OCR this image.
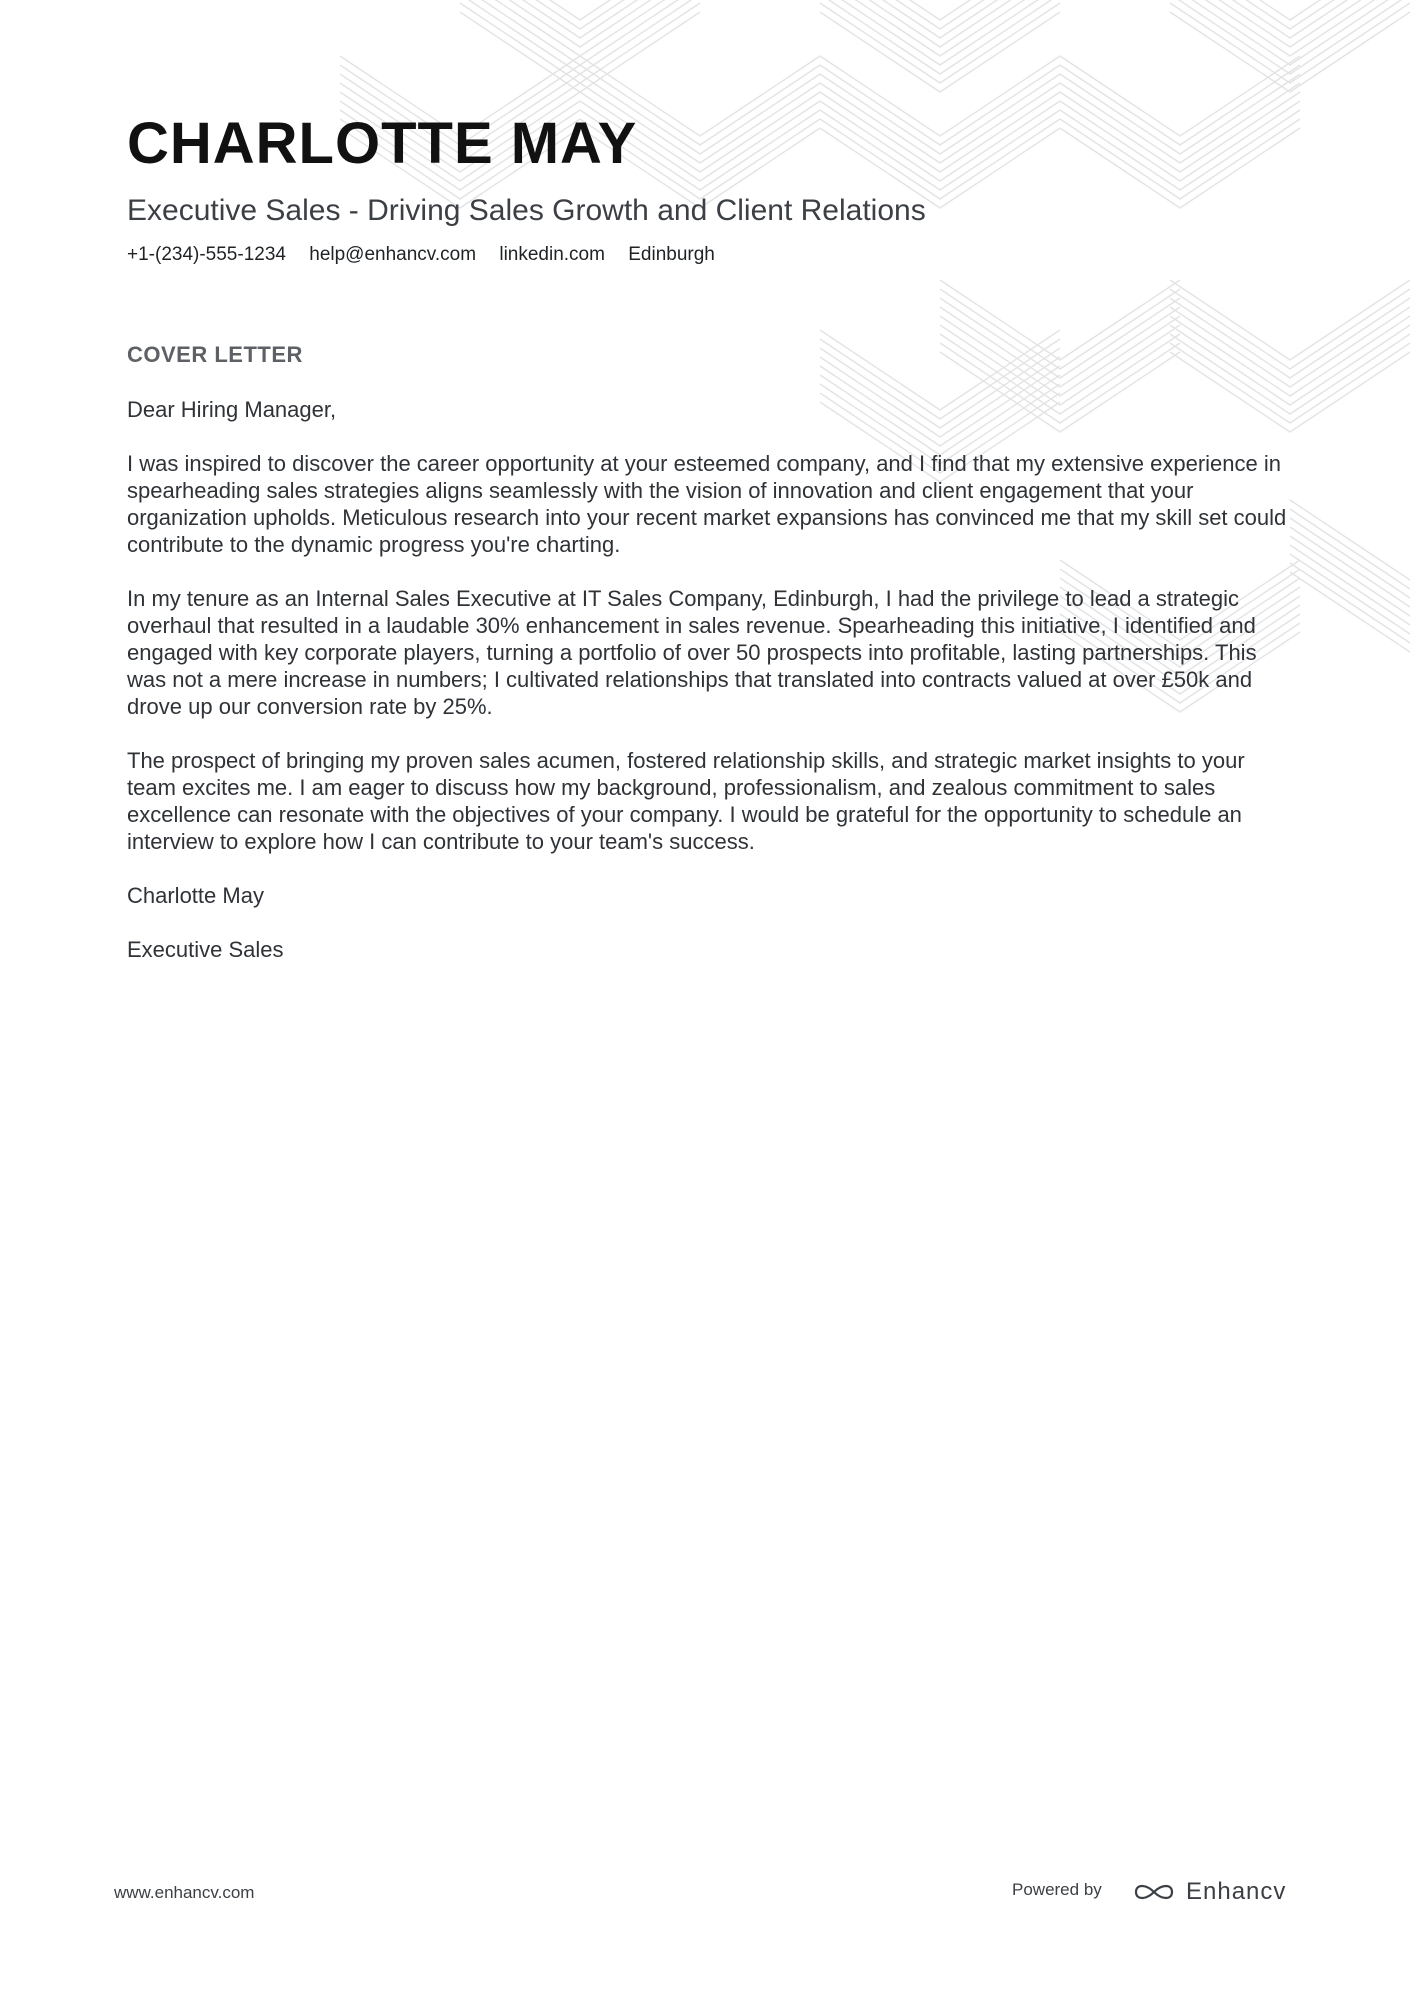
CHARLOTTE MAY
Executive Sales - Driving Sales Growth and Client Relations
+1-(234)-555-1234 help@enhancv.com linkedin.com Edinburgh
COVER LETTER

Dear Hiring Manager,

I was inspired to discover the career opportunity at your esteemed company, and I find that my extensive experience in spearheading sales strategies aligns seamlessly with the vision of innovation and client engagement that your organization upholds. Meticulous research into your recent market expansions has convinced me that my skill set could contribute to the dynamic progress you're charting.

In my tenure as an Internal Sales Executive at IT Sales Company, Edinburgh, I had the privilege to lead a strategic overhaul that resulted in a laudable 30% enhancement in sales revenue. Spearheading this initiative, I identified and engaged with key corporate players, turning a portfolio of over 50 prospects into profitable, lasting partnerships. This was not a mere increase in numbers; I cultivated relationships that translated into contracts valued at over £50k and drove up our conversion rate by 25%.

The prospect of bringing my proven sales acumen, fostered relationship skills, and strategic market insights to your team excites me. I am eager to discuss how my background, professionalism, and zealous commitment to sales excellence can resonate with the objectives of your company. I would be grateful for the opportunity to schedule an interview to explore how I can contribute to your team's success.

Charlotte May

Executive Sales

www.enhancv.com	Powered by	Enhancv
